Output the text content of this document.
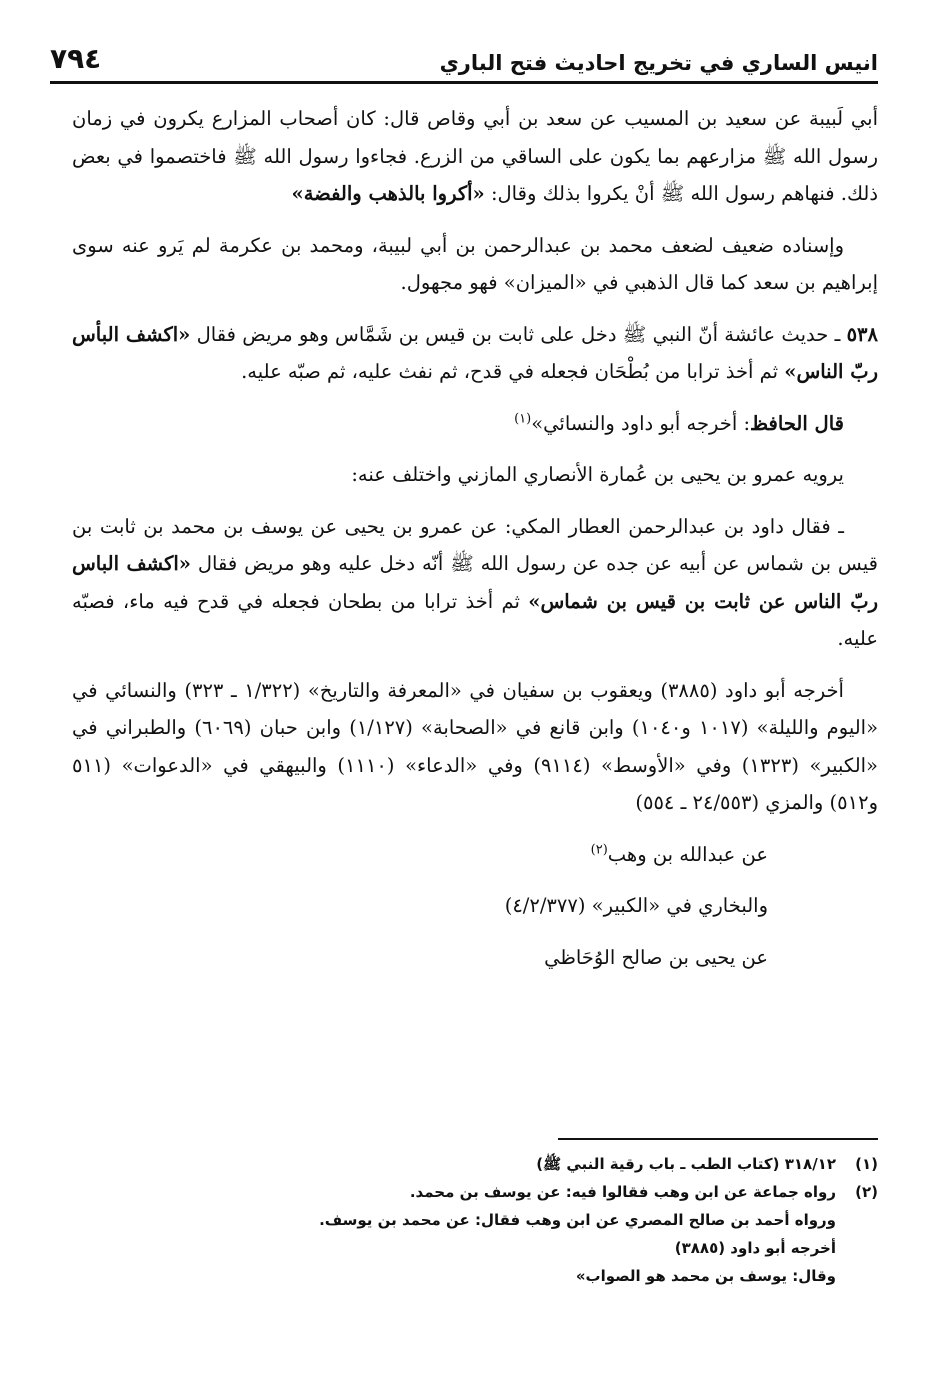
انيس الساري في تخريج احاديث فتح الباري
٧٩٤

أبي لَبيبة عن سعيد بن المسيب عن سعد بن أبي وقاص قال: كان أصحاب المزارع يكرون في زمان رسول الله ﷺ مزارعهم بما يكون على الساقي من الزرع. فجاءوا رسول الله ﷺ فاختصموا في بعض ذلك. فنهاهم رسول الله ﷺ أنْ يكروا بذلك وقال: «أكروا بالذهب والفضة»

وإسناده ضعيف لضعف محمد بن عبدالرحمن بن أبي لبيبة، ومحمد بن عكرمة لم يَرو عنه سوى إبراهيم بن سعد كما قال الذهبي في «الميزان» فهو مجهول.

٥٣٨ ـ حديث عائشة أنّ النبي ﷺ دخل على ثابت بن قيس بن شَمَّاس وهو مريض فقال «اكشف البأس ربّ الناس» ثم أخذ ترابا من بُطْحَان فجعله في قدح، ثم نفث عليه، ثم صبّه عليه.

قال الحافظ: أخرجه أبو داود والنسائي»$^{(١)}$

يرويه عمرو بن يحيى بن عُمارة الأنصاري المازني واختلف عنه:

ـ فقال داود بن عبدالرحمن العطار المكي: عن عمرو بن يحيى عن يوسف بن محمد بن ثابت بن قيس بن شماس عن أبيه عن جده عن رسول الله ﷺ أنّه دخل عليه وهو مريض فقال «اكشف الباس ربّ الناس عن ثابت بن قيس بن شماس» ثم أخذ ترابا من بطحان فجعله في قدح فيه ماء، فصبّه عليه.

أخرجه أبو داود (٣٨٨٥) ويعقوب بن سفيان في «المعرفة والتاريخ» (١/٣٢٢ ـ ٣٢٣) والنسائي في «اليوم والليلة» (١٠١٧ و١٠٤٠) وابن قانع في «الصحابة» (١/١٢٧) وابن حبان (٦٠٦٩) والطبراني في «الكبير» (١٣٢٣) وفي «الأوسط» (٩١١٤) وفي «الدعاء» (١١١٠) والبيهقي في «الدعوات» (٥١١ و٥١٢) والمزي (٢٤/٥٥٣ ـ ٥٥٤)

عن عبدالله بن وهب$^{(٢)}$

والبخاري في «الكبير» (٤/٢/٣٧٧)

عن يحيى بن صالح الوُحَاظي

(١)
٣١٨/١٢ (كتاب الطب ـ باب رقية النبي ﷺ)
(٢)
رواه جماعة عن ابن وهب فقالوا فيه: عن يوسف بن محمد.
ورواه أحمد بن صالح المصري عن ابن وهب فقال: عن محمد بن يوسف.
أخرجه أبو داود (٣٨٨٥)
وقال: يوسف بن محمد هو الصواب»
